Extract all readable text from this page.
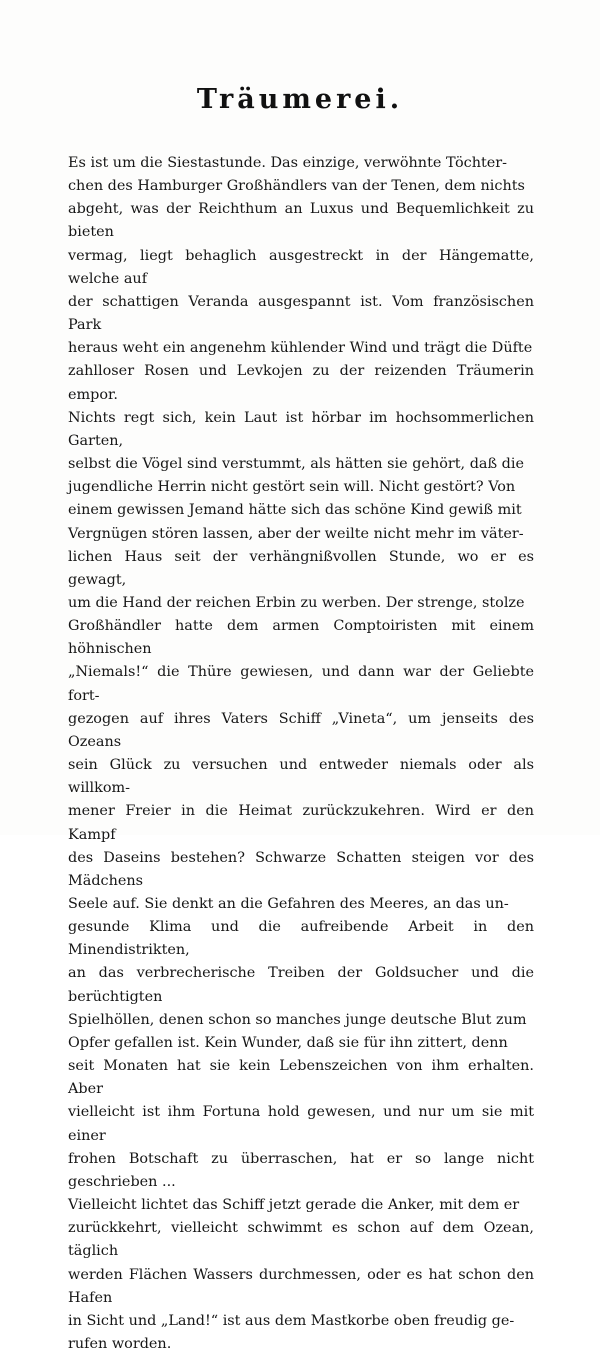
Träumerei.

Es ist um die Siestastunde. Das einzige, verwöhnte Töchter-
chen des Hamburger Großhändlers van der Tenen, dem nichts
abgeht, was der Reichthum an Luxus und Bequemlichkeit zu bieten
vermag, liegt behaglich ausgestreckt in der Hängematte, welche auf
der schattigen Veranda ausgespannt ist. Vom französischen Park
heraus weht ein angenehm kühlender Wind und trägt die Düfte
zahlloser Rosen und Levkojen zu der reizenden Träumerin empor.
Nichts regt sich, kein Laut ist hörbar im hochsommerlichen Garten,
selbst die Vögel sind verstummt, als hätten sie gehört, daß die
jugendliche Herrin nicht gestört sein will. Nicht gestört? Von
einem gewissen Jemand hätte sich das schöne Kind gewiß mit
Vergnügen stören lassen, aber der weilte nicht mehr im väter-
lichen Haus seit der verhängnißvollen Stunde, wo er es gewagt,
um die Hand der reichen Erbin zu werben. Der strenge, stolze
Großhändler hatte dem armen Comptoiristen mit einem höhnischen
„Niemals!“ die Thüre gewiesen, und dann war der Geliebte fort-
gezogen auf ihres Vaters Schiff „Vineta“, um jenseits des Ozeans
sein Glück zu versuchen und entweder niemals oder als willkom-
mener Freier in die Heimat zurückzukehren. Wird er den Kampf
des Daseins bestehen? Schwarze Schatten steigen vor des Mädchens
Seele auf. Sie denkt an die Gefahren des Meeres, an das un-
gesunde Klima und die aufreibende Arbeit in den Minendistrikten,
an das verbrecherische Treiben der Goldsucher und die berüchtigten
Spielhöllen, denen schon so manches junge deutsche Blut zum
Opfer gefallen ist. Kein Wunder, daß sie für ihn zittert, denn
seit Monaten hat sie kein Lebenszeichen von ihm erhalten. Aber
vielleicht ist ihm Fortuna hold gewesen, und nur um sie mit einer
frohen Botschaft zu überraschen, hat er so lange nicht geschrieben ...
Vielleicht lichtet das Schiff jetzt gerade die Anker, mit dem er
zurückkehrt, vielleicht schwimmt es schon auf dem Ozean, täglich
werden Flächen Wassers durchmessen, oder es hat schon den Hafen
in Sicht und „Land!“ ist aus dem Mastkorbe oben freudig ge-
rufen worden.
